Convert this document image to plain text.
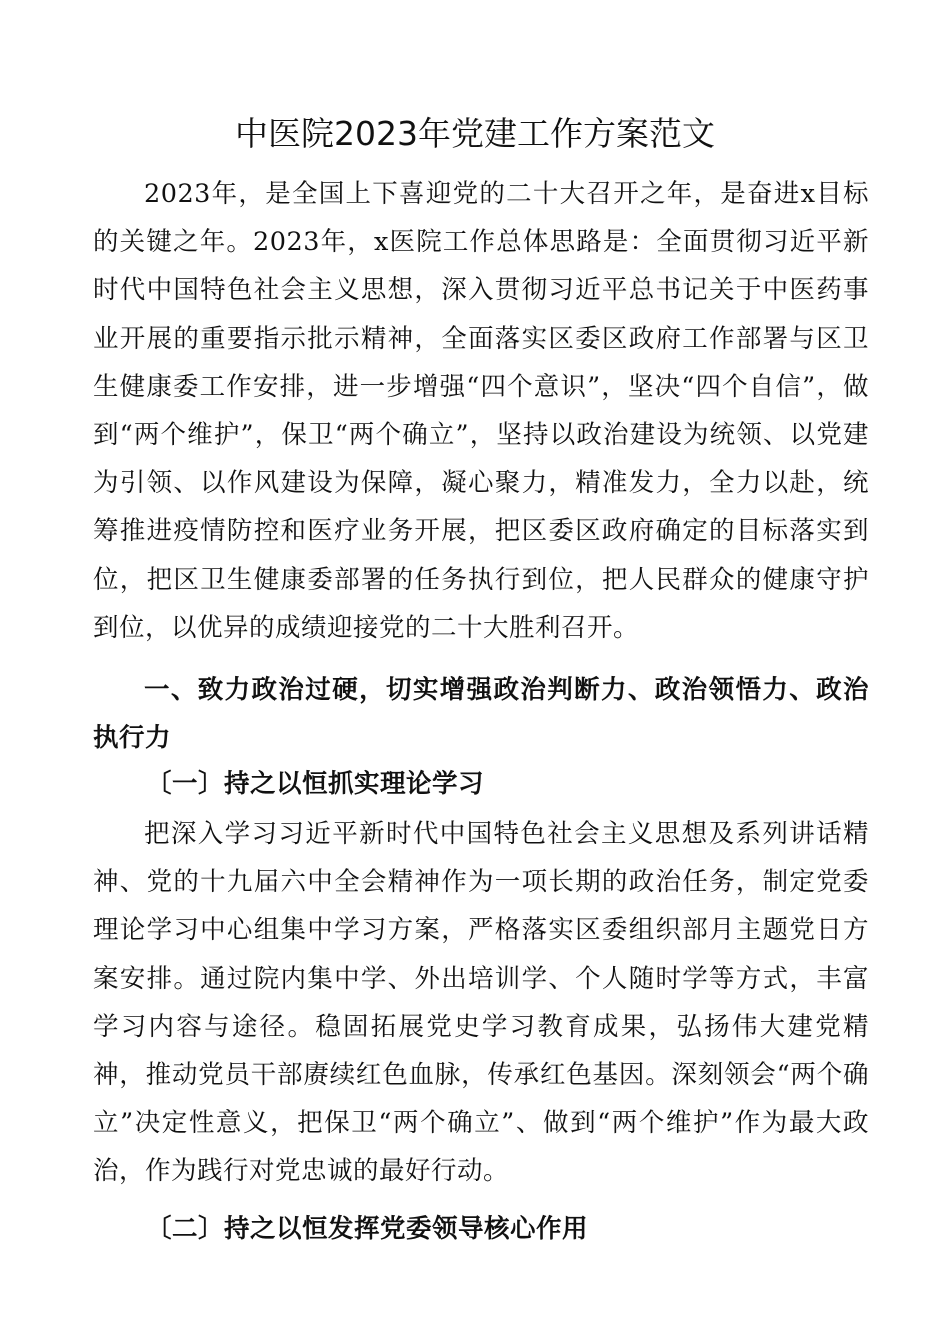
中医院2023年党建工作方案范文

2023年，是全国上下喜迎党的二十大召开之年，是奋进x目标的关键之年。2023年，x医院工作总体思路是：全面贯彻习近平新时代中国特色社会主义思想，深入贯彻习近平总书记关于中医药事业开展的重要指示批示精神，全面落实区委区政府工作部署与区卫生健康委工作安排，进一步增强“四个意识”，坚决“四个自信”，做到“两个维护”，保卫“两个确立”，坚持以政治建设为统领、以党建为引领、以作风建设为保障，凝心聚力，精准发力，全力以赴，统筹推进疫情防控和医疗业务开展，把区委区政府确定的目标落实到位，把区卫生健康委部署的任务执行到位，把人民群众的健康守护到位，以优异的成绩迎接党的二十大胜利召开。

一、致力政治过硬，切实增强政治判断力、政治领悟力、政治执行力

〔一〕持之以恒抓实理论学习

把深入学习习近平新时代中国特色社会主义思想及系列讲话精神、党的十九届六中全会精神作为一项长期的政治任务，制定党委理论学习中心组集中学习方案，严格落实区委组织部月主题党日方案安排。通过院内集中学、外出培训学、个人随时学等方式，丰富学习内容与途径。稳固拓展党史学习教育成果，弘扬伟大建党精神，推动党员干部赓续红色血脉，传承红色基因。深刻领会“两个确立”决定性意义，把保卫“两个确立”、做到“两个维护”作为最大政治，作为践行对党忠诚的最好行动。

〔二〕持之以恒发挥党委领导核心作用
